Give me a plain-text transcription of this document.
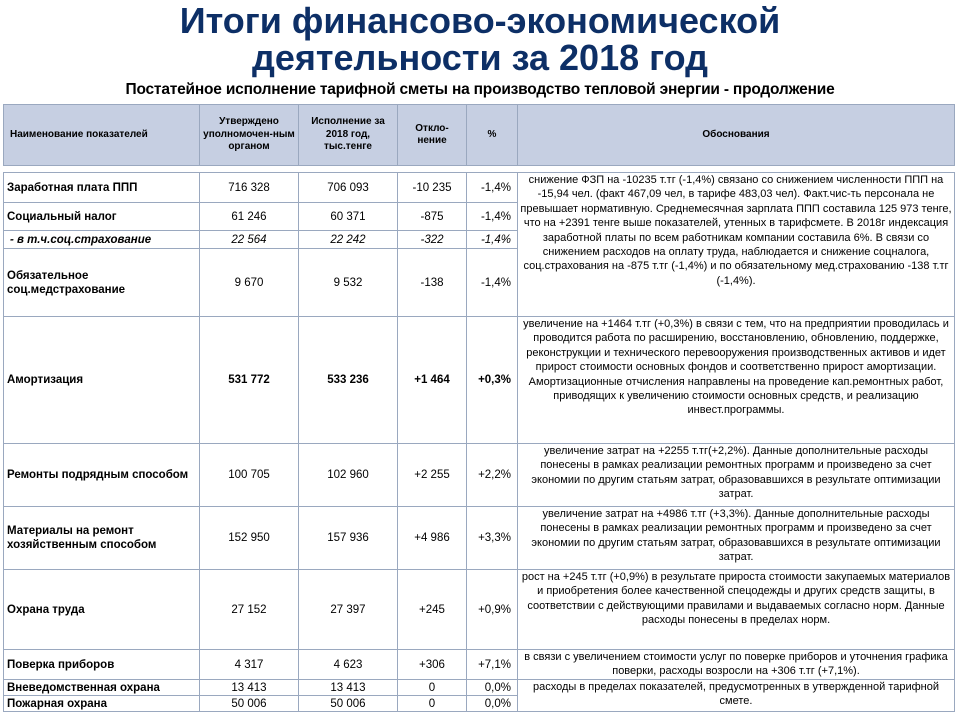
Итоги финансово-экономической
деятельности за 2018 год
Постатейное исполнение тарифной сметы на производство тепловой энергии - продолжение
Наименование показателей	Утверждено уполномочен-ным органом	Исполнение за 2018 год, тыс.тенге	Откло-нение	%	Обоснования

Заработная плата ППП	716 328	706 093	-10 235	-1,4%	снижение ФЗП на -10235 т.тг (-1,4%) связано со снижением численности ППП на -15,94 чел. (факт 467,09 чел, в тарифе 483,03 чел). Факт.чис-ть персонала не превышает нормативную. Среднемесячная зарплата ППП составила 125 973 тенге, что на +2391 тенге выше показателей, утенных в тарифсмете. В 2018г индексация заработной платы по всем работникам компании составила 6%. В связи со снижением расходов на оплату труда, наблюдается и снижение соцналога, соц.страхования на -875 т.тг (-1,4%) и по обязательному мед.страхованию -138 т.тг (-1,4%).
Социальный налог	61 246	60 371	-875	-1,4%	
- в т.ч.соц.страхование	22 564	22 242	-322	-1,4%	
Обязательное соц.медстрахование	9 670	9 532	-138	-1,4%	
Амортизация	531 772	533 236	+1 464	+0,3%	увеличение на +1464 т.тг (+0,3%) в связи с тем, что на предприятии проводилась и проводится работа по расширению, восстановлению, обновлению, поддержке, реконструкции и технического перевооружения производственных активов и идет прирост стоимости основных фондов и соответственно прирост амортизации. Амортизационные отчисления направлены на проведение кап.ремонтных работ, приводящих к увеличению стоимости основных средств, и реализацию инвест.программы.
Ремонты подрядным способом	100 705	102 960	+2 255	+2,2%	увеличение затрат на +2255 т.тг(+2,2%). Данные дополнительные расходы понесены в рамках реализации ремонтных программ и произведено за счет экономии по другим статьям затрат, образовавшихся в результате оптимизации затрат.
Материалы на ремонт хозяйственным способом	152 950	157 936	+4 986	+3,3%	увеличение затрат на +4986 т.тг (+3,3%). Данные дополнительные расходы понесены в рамках реализации ремонтных программ и произведено за счет экономии по другим статьям затрат, образовавшихся в результате оптимизации затрат.
Охрана труда	27 152	27 397	+245	+0,9%	рост на +245 т.тг (+0,9%) в результате прироста стоимости закупаемых материалов и приобретения более качественной спецодежды и других средств защиты, в соответствии с действующими правилами и выдаваемых согласно норм. Данные расходы понесены в пределах норм.
Поверка приборов	4 317	4 623	+306	+7,1%	в связи с увеличением стоимости услуг по поверке приборов и уточнения графика поверки, расходы возросли на +306 т.тг (+7,1%).
Вневедомственная охрана	13 413	13 413	0	0,0%	расходы в пределах показателей, предусмотренных в утвержденной тарифной смете.
Пожарная охрана	50 006	50 006	0	0,0%	
